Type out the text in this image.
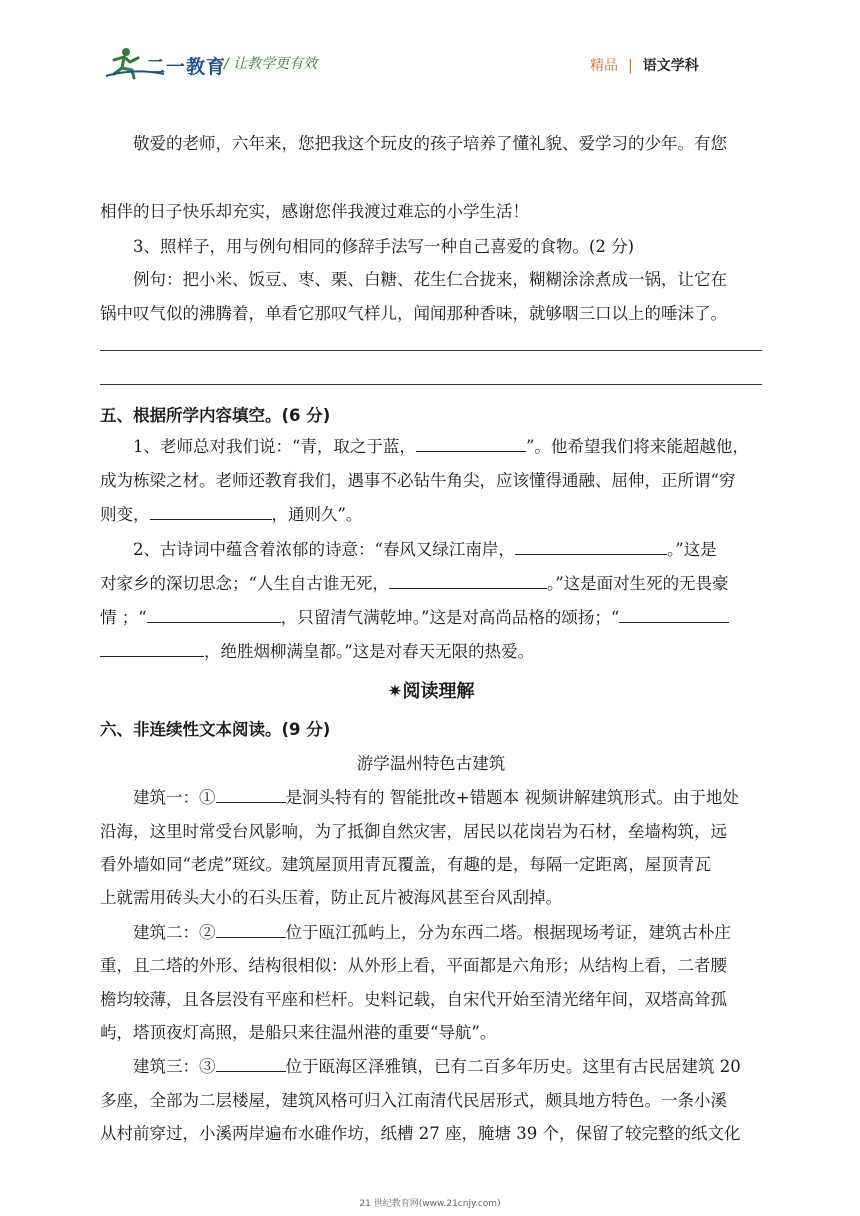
二一教育
/ 让教学更有效	精品 | 语文学科
敬爱的老师，六年来，您把我这个玩皮的孩子培养了懂礼貌、爱学习的少年。有您
相伴的日子快乐却充实，感谢您伴我渡过难忘的小学生活！
3、照样子，用与例句相同的修辞手法写一种自己喜爱的食物。(2 分)
例句：把小米、饭豆、枣、栗、白糖、花生仁合拢来，糊糊涂涂煮成一锅，让它在
锅中叹气似的沸腾着，单看它那叹气样儿，闻闻那种香味，就够咽三口以上的唾沫了。
五、根据所学内容填空。(6 分)
1、老师总对我们说：“青，取之于蓝，	”。他希望我们将来能超越他，
成为栋梁之材。老师还教育我们，遇事不必钻牛角尖，应该懂得通融、屈伸，正所谓“穷
则变，	，通则久”。
2、古诗词中蕴含着浓郁的诗意：“春风又绿江南岸，	。”这是
对家乡的深切思念；“人生自古谁无死，	。”这是面对生死的无畏豪
情 ；“	，只留清气满乾坤。”这是对高尚品格的颂扬；“
，绝胜烟柳满皇都。”这是对春天无限的热爱。
✷阅读理解
六、非连续性文本阅读。(9 分)
游学温州特色古建筑
建筑一：①	是洞头特有的 智能批改+错题本 视频讲解建筑形式。由于地处
沿海，这里时常受台风影响，为了抵御自然灾害，居民以花岗岩为石材，垒墙构筑，远
看外墙如同“老虎”斑纹。建筑屋顶用青瓦覆盖，有趣的是，每隔一定距离，屋顶青瓦
上就需用砖头大小的石头压着，防止瓦片被海风甚至台风刮掉。
建筑二：②	位于瓯江孤屿上，分为东西二塔。根据现场考证，建筑古朴庄
重，且二塔的外形、结构很相似：从外形上看，平面都是六角形；从结构上看，二者腰
檐均较薄，且各层没有平座和栏杆。史料记载，自宋代开始至清光绪年间，双塔高耸孤
屿，塔顶夜灯高照，是船只来往温州港的重要“导航”。
建筑三：③	位于瓯海区泽雅镇，已有二百多年历史。这里有古民居建筑 20
多座，全部为二层楼屋，建筑风格可归入江南清代民居形式，颇具地方特色。一条小溪
从村前穿过，小溪两岸遍布水碓作坊，纸槽 27 座，腌塘 39 个，保留了较完整的纸文化
21 世纪教育网(www.21cnjy.com)
